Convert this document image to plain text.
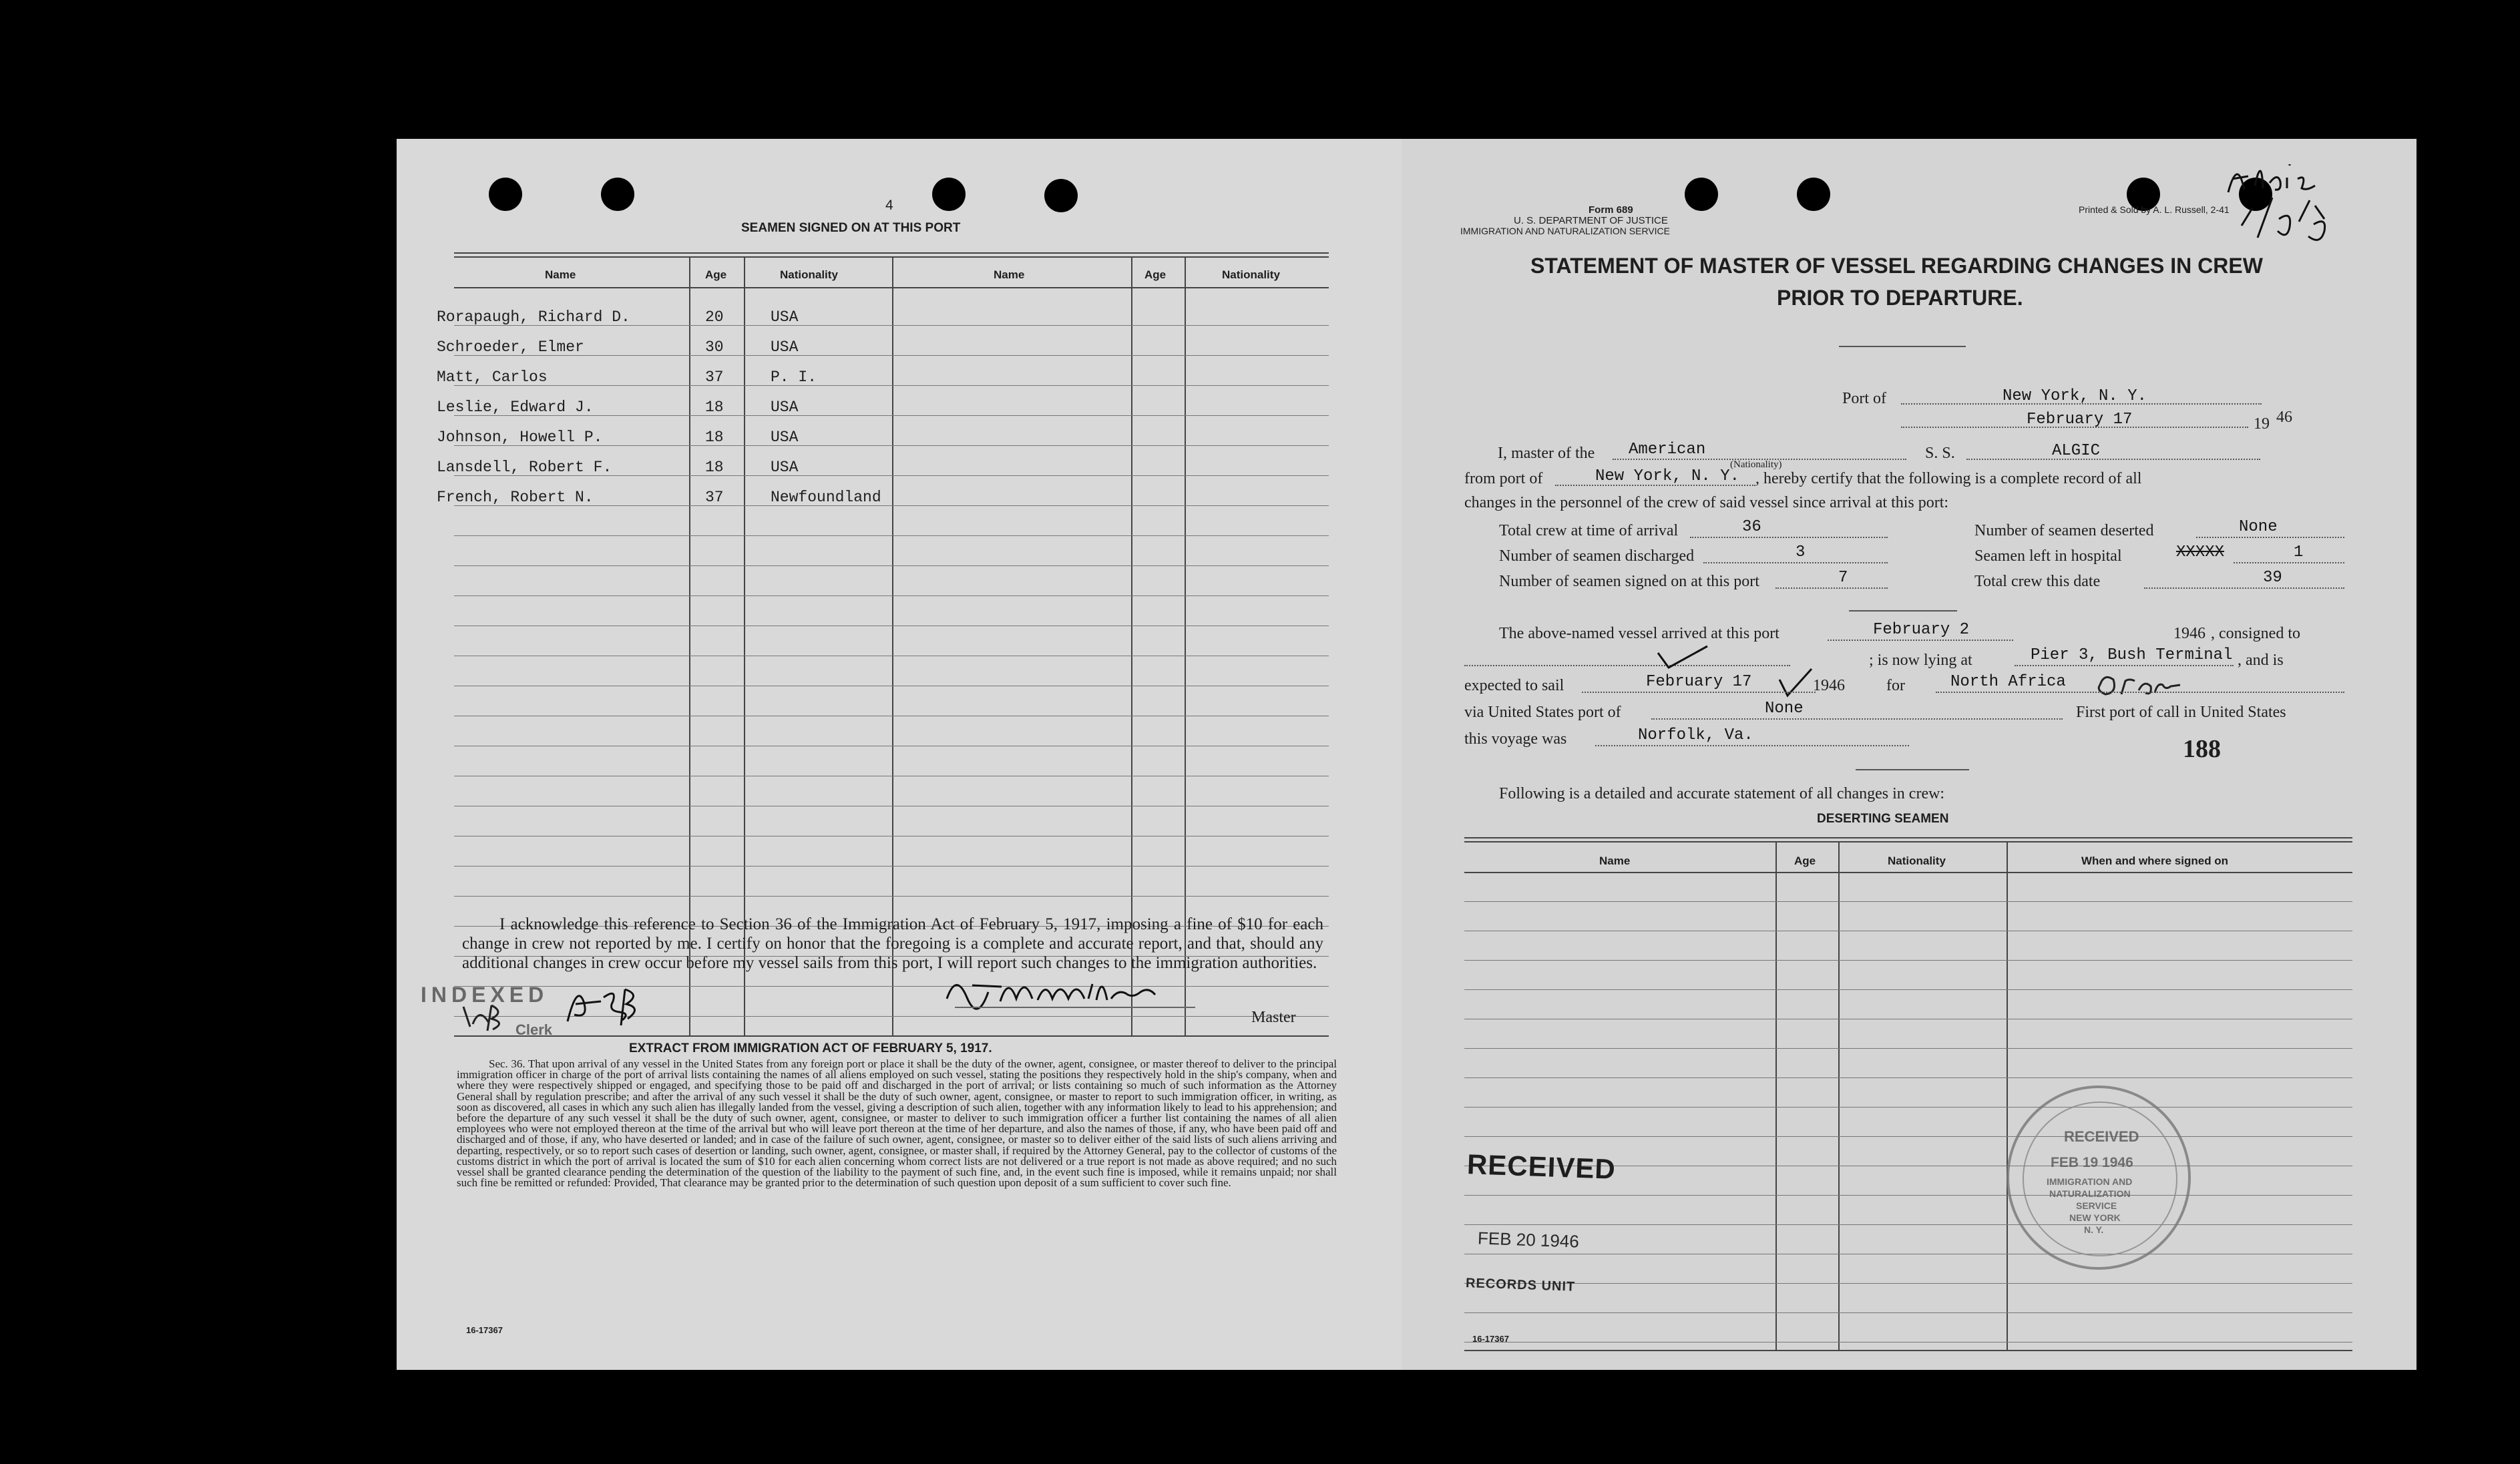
4
SEAMEN SIGNED ON AT THIS PORT
Name	Age	Nationality	Name	Age	Nationality
Rorapaugh, Richard D.	20	USA
Schroeder, Elmer	30	USA
Matt, Carlos	37	P. I.
Leslie, Edward J.	18	USA
Johnson, Howell P.	18	USA
Lansdell, Robert F.	18	USA
French, Robert N.	37	Newfoundland
I acknowledge this reference to Section 36 of the Immigration Act of February 5, 1917, imposing a fine of $10 for each change in crew not reported by me. I certify on honor that the foregoing is a complete and accurate report, and that, should any additional changes in crew occur before my vessel sails from this port, I will report such changes to the immigration authorities.
Master
INDEXED
Clerk
EXTRACT FROM IMMIGRATION ACT OF FEBRUARY 5, 1917.
Sec. 36. That upon arrival of any vessel in the United States from any foreign port or place it shall be the duty of the owner, agent, consignee, or master thereof to deliver to the principal immigration officer in charge of the port of arrival lists containing the names of all aliens employed on such vessel, stating the positions they respectively hold in the ship's company, when and where they were respectively shipped or engaged, and specifying those to be paid off and discharged in the port of arrival; or lists containing so much of such information as the Attorney General shall by regulation prescribe; and after the arrival of any such vessel it shall be the duty of such owner, agent, consignee, or master to report to such immigration officer, in writing, as soon as discovered, all cases in which any such alien has illegally landed from the vessel, giving a description of such alien, together with any information likely to lead to his apprehension; and before the departure of any such vessel it shall be the duty of such owner, agent, consignee, or master to deliver to such immigration officer a further list containing the names of all alien employees who were not employed thereon at the time of the arrival but who will leave port thereon at the time of her departure, and also the names of those, if any, who have been paid off and discharged and of those, if any, who have deserted or landed; and in case of the failure of such owner, agent, consignee, or master so to deliver either of the said lists of such aliens arriving and departing, respectively, or so to report such cases of desertion or landing, such owner, agent, consignee, or master shall, if required by the Attorney General, pay to the collector of customs of the customs district in which the port of arrival is located the sum of $10 for each alien concerning whom correct lists are not delivered or a true report is not made as above required; and no such vessel shall be granted clearance pending the determination of the question of the liability to the payment of such fine, and, in the event such fine is imposed, while it remains unpaid; nor shall such fine be remitted or refunded: Provided, That clearance may be granted prior to the determination of such question upon deposit of a sum sufficient to cover such fine.
16-17367
Form 689
U. S. DEPARTMENT OF JUSTICE
IMMIGRATION AND NATURALIZATION SERVICE
Printed & Sold by A. L. Russell, 2-41
STATEMENT OF MASTER OF VESSEL REGARDING CHANGES IN CREW
PRIOR TO DEPARTURE.
Port of	New York, N. Y.
February 17	19 46
I, master of the American
(Nationality)
S. S.	ALGIC
from port of	New York, N. Y. , hereby certify that the following is a complete record of all
changes in the personnel of the crew of said vessel since arrival at this port:
Total crew at time of arrival	36	Number of seamen deserted	None
Number of seamen discharged	3	Seamen left in hospital	XXXXX	1
Number of seamen signed on at this port	7	Total crew this date	39
The above-named vessel arrived at this port	February 2	1946 , consigned to
; is now lying at	Pier 3, Bush Terminal , and is
expected to sail	February 17	1946	for	North Africa
via United States port of	None	First port of call in United States
this voyage was	Norfolk, Va.	188
Following is a detailed and accurate statement of all changes in crew:
DESERTING SEAMEN
Name	Age	Nationality	When and where signed on
RECEIVED
FEB 20 1946
RECORDS UNIT
RECEIVED
FEB 19 1946
IMMIGRATION AND
NATURALIZATION
SERVICE
NEW YORK
N. Y.
16-17367
